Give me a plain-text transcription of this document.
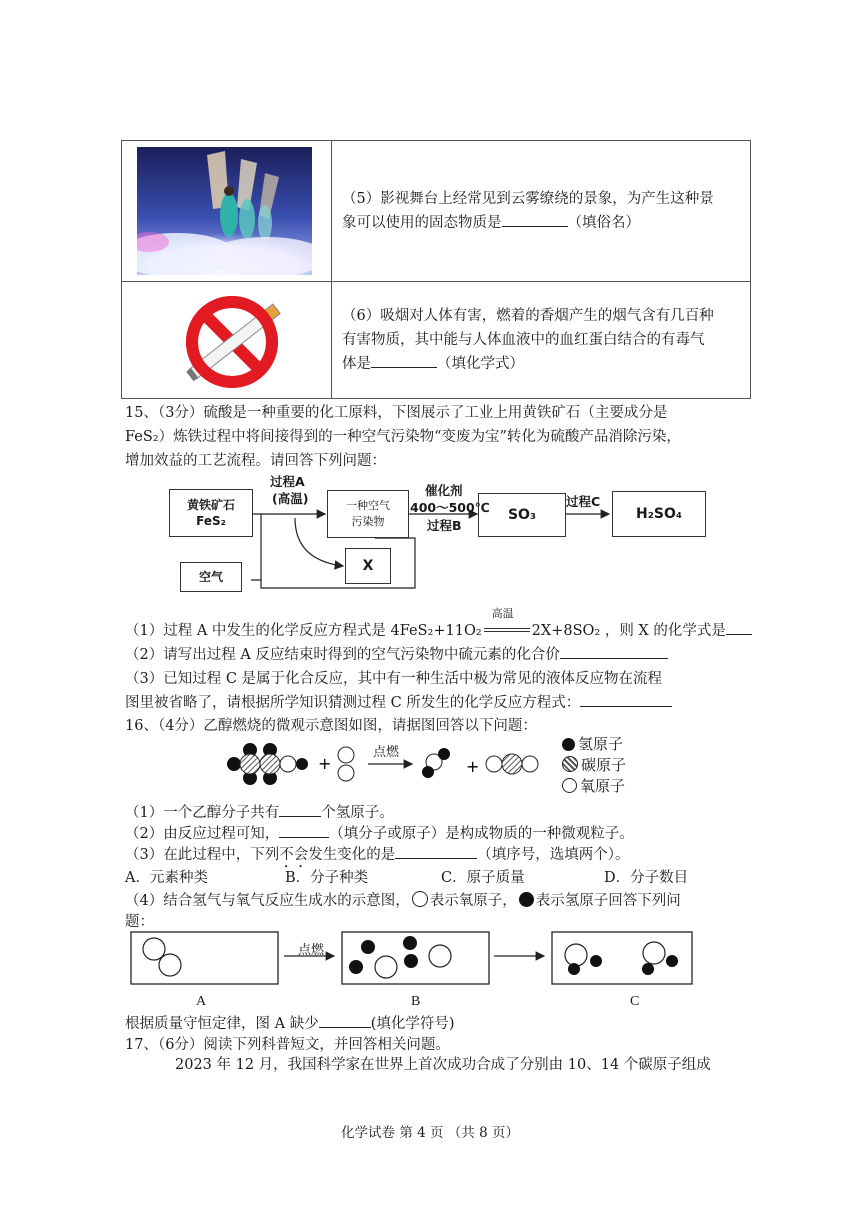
（5）影视舞台上经常见到云雾缭绕的景象，为产生这种景
象可以使用的固态物质是 （填俗名）

（6）吸烟对人体有害，燃着的香烟产生的烟气含有几百种
有害物质，其中能与人体血液中的血红蛋白结合的有毒气
体是 （填化学式）
15、（3分）硫酸是一种重要的化工原料，下图展示了工业上用黄铁矿石（主要成分是
FeS₂）炼铁过程中将间接得到的一种空气污染物“变废为宝”转化为硫酸产品消除污染，
增加效益的工艺流程。请回答下列问题：
黄铁矿石
FeS₂
空气
一种空气
污染物
X
SO₃	H₂SO₄
过程A
(高温)
催化剂
400～500℃
过程B
过程C
（1）过程 A 中发生的化学反应方程式是 4FeS₂+11O₂
高温
2X+8SO₂ ，则 X 的化学式是
（2）请写出过程 A 反应结束时得到的空气污染物中硫元素的化合价
（3）已知过程 C 是属于化合反应，其中有一种生活中极为常见的液体反应物在流程
图里被省略了，请根据所学知识猜测过程 C 所发生的化学反应方程式：
16、（4分）乙醇燃烧的微观示意图如图，请据图回答以下问题：
+	+
点燃	氢原子
碳原子
氧原子
（1）一个乙醇分子共有	个氢原子。
（2）由反应过程可知，	（填分子或原子）是构成物质的一种微观粒子。
（3）在此过程中，下列不会发生变化的是	（填序号，选填两个）。
A．元素种类	B．分子种类	C．原子质量	D．分子数目
（4）结合氢气与氧气反应生成水的示意图， 表示氧原子， 表示氢原子回答下列问
题：
点燃
A	B	C
根据质量守恒定律，图 A 缺少	(填化学符号)
17、（6分）阅读下列科普短文，并回答相关问题。
2023 年 12 月，我国科学家在世界上首次成功合成了分别由 10、14 个碳原子组成
化学试卷 第 4 页 （共 8 页）
